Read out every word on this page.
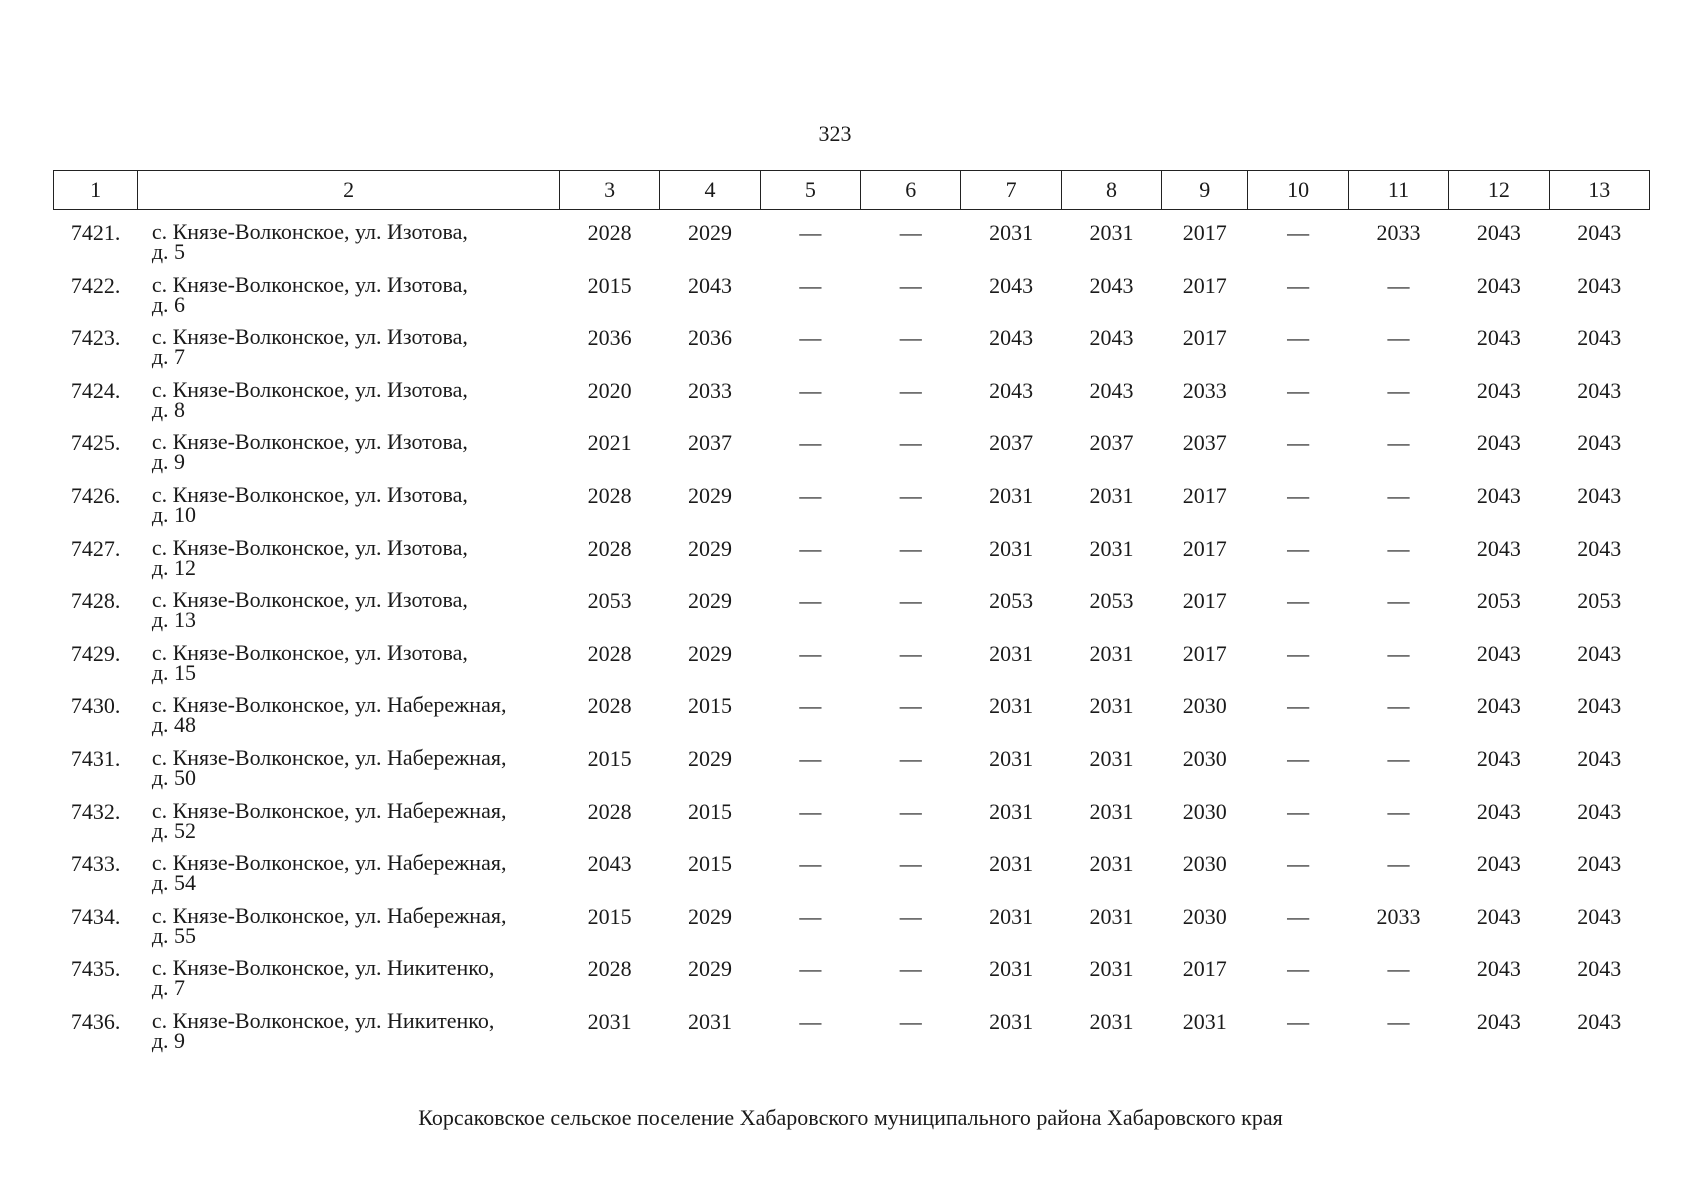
323
1	2	3	4	5	6	7	8	9	10	11	12	13

7421.	с. Князе-Волконское, ул. Изотова,
д. 5	2028	2029	—	—	2031	2031	2017	—	2033	2043	2043

7422.	с. Князе-Волконское, ул. Изотова,
д. 6	2015	2043	—	—	2043	2043	2017	—	—	2043	2043

7423.	с. Князе-Волконское, ул. Изотова,
д. 7	2036	2036	—	—	2043	2043	2017	—	—	2043	2043

7424.	с. Князе-Волконское, ул. Изотова,
д. 8	2020	2033	—	—	2043	2043	2033	—	—	2043	2043

7425.	с. Князе-Волконское, ул. Изотова,
д. 9	2021	2037	—	—	2037	2037	2037	—	—	2043	2043

7426.	с. Князе-Волконское, ул. Изотова,
д. 10	2028	2029	—	—	2031	2031	2017	—	—	2043	2043

7427.	с. Князе-Волконское, ул. Изотова,
д. 12	2028	2029	—	—	2031	2031	2017	—	—	2043	2043

7428.	с. Князе-Волконское, ул. Изотова,
д. 13	2053	2029	—	—	2053	2053	2017	—	—	2053	2053

7429.	с. Князе-Волконское, ул. Изотова,
д. 15	2028	2029	—	—	2031	2031	2017	—	—	2043	2043

7430.	с. Князе-Волконское, ул. Набережная,
д. 48	2028	2015	—	—	2031	2031	2030	—	—	2043	2043

7431.	с. Князе-Волконское, ул. Набережная,
д. 50	2015	2029	—	—	2031	2031	2030	—	—	2043	2043

7432.	с. Князе-Волконское, ул. Набережная,
д. 52	2028	2015	—	—	2031	2031	2030	—	—	2043	2043

7433.	с. Князе-Волконское, ул. Набережная,
д. 54	2043	2015	—	—	2031	2031	2030	—	—	2043	2043

7434.	с. Князе-Волконское, ул. Набережная,
д. 55	2015	2029	—	—	2031	2031	2030	—	2033	2043	2043

7435.	с. Князе-Волконское, ул. Никитенко,
д. 7	2028	2029	—	—	2031	2031	2017	—	—	2043	2043

7436.	с. Князе-Волконское, ул. Никитенко,
д. 9	2031	2031	—	—	2031	2031	2031	—	—	2043	2043
Корсаковское сельское поселение Хабаровского муниципального района Хабаровского края
